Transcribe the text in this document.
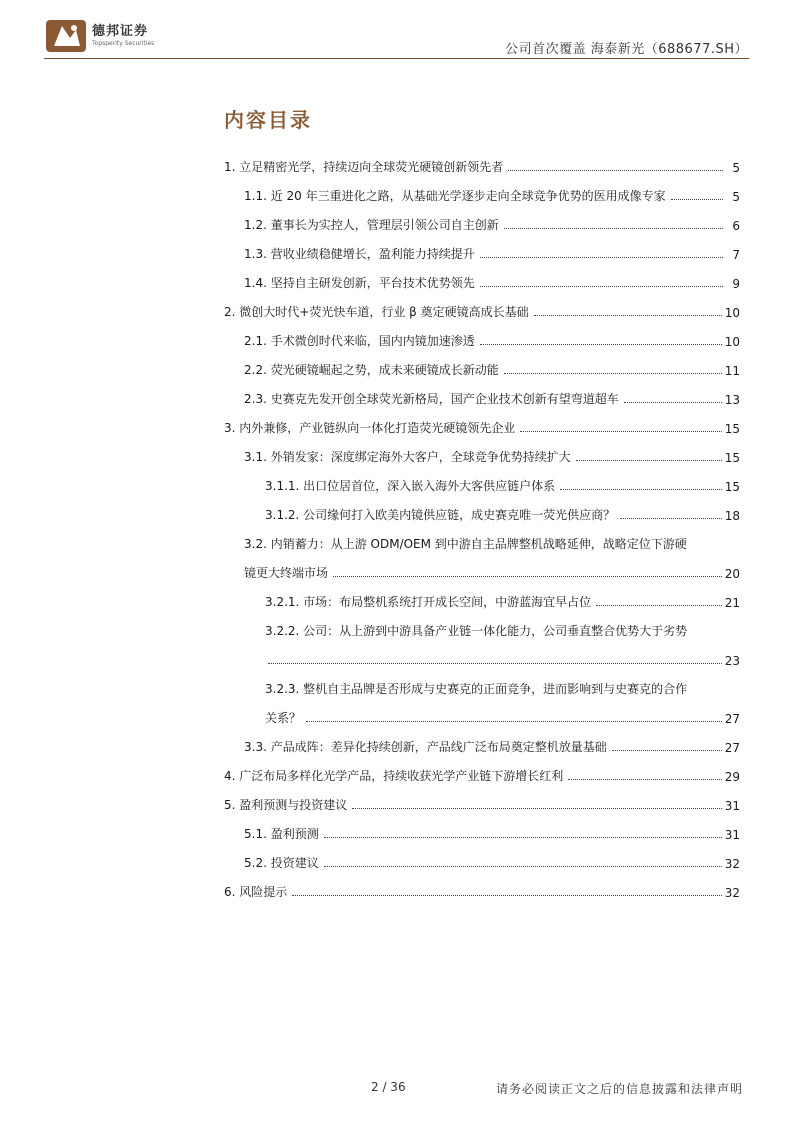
德邦证券
Topsperity Securities	公司首次覆盖 海泰新光（688677.SH）
内容目录
1. 立足精密光学，持续迈向全球荧光硬镜创新领先者	5
1.1. 近 20 年三重进化之路，从基础光学逐步走向全球竞争优势的医用成像专家	5
1.2. 董事长为实控人，管理层引领公司自主创新	6
1.3. 营收业绩稳健增长，盈利能力持续提升	7
1.4. 坚持自主研发创新，平台技术优势领先	9
2. 微创大时代+荧光快车道，行业 β 奠定硬镜高成长基础	10
2.1. 手术微创时代来临，国内内镜加速渗透	10
2.2. 荧光硬镜崛起之势，成未来硬镜成长新动能	11
2.3. 史赛克先发开创全球荧光新格局，国产企业技术创新有望弯道超车	13
3. 内外兼修，产业链纵向一体化打造荧光硬镜领先企业	15
3.1. 外销发家：深度绑定海外大客户，全球竞争优势持续扩大	15
3.1.1. 出口位居首位，深入嵌入海外大客供应链户体系	15
3.1.2. 公司缘何打入欧美内镜供应链，成史赛克唯一荧光供应商？	18
3.2. 内销蓄力：从上游 ODM/OEM 到中游自主品牌整机战略延伸，战略定位下游硬
镜更大终端市场	20
3.2.1. 市场：布局整机系统打开成长空间，中游蓝海宜早占位	21
3.2.2. 公司：从上游到中游具备产业链一体化能力，公司垂直整合优势大于劣势
23
3.2.3. 整机自主品牌是否形成与史赛克的正面竞争，进而影响到与史赛克的合作
关系？	27
3.3. 产品成阵：差异化持续创新，产品线广泛布局奠定整机放量基础	27
4. 广泛布局多样化光学产品，持续收获光学产业链下游增长红利	29
5. 盈利预测与投资建议	31
5.1. 盈利预测	31
5.2. 投资建议	32
6. 风险提示	32
2 / 36	请务必阅读正文之后的信息披露和法律声明
